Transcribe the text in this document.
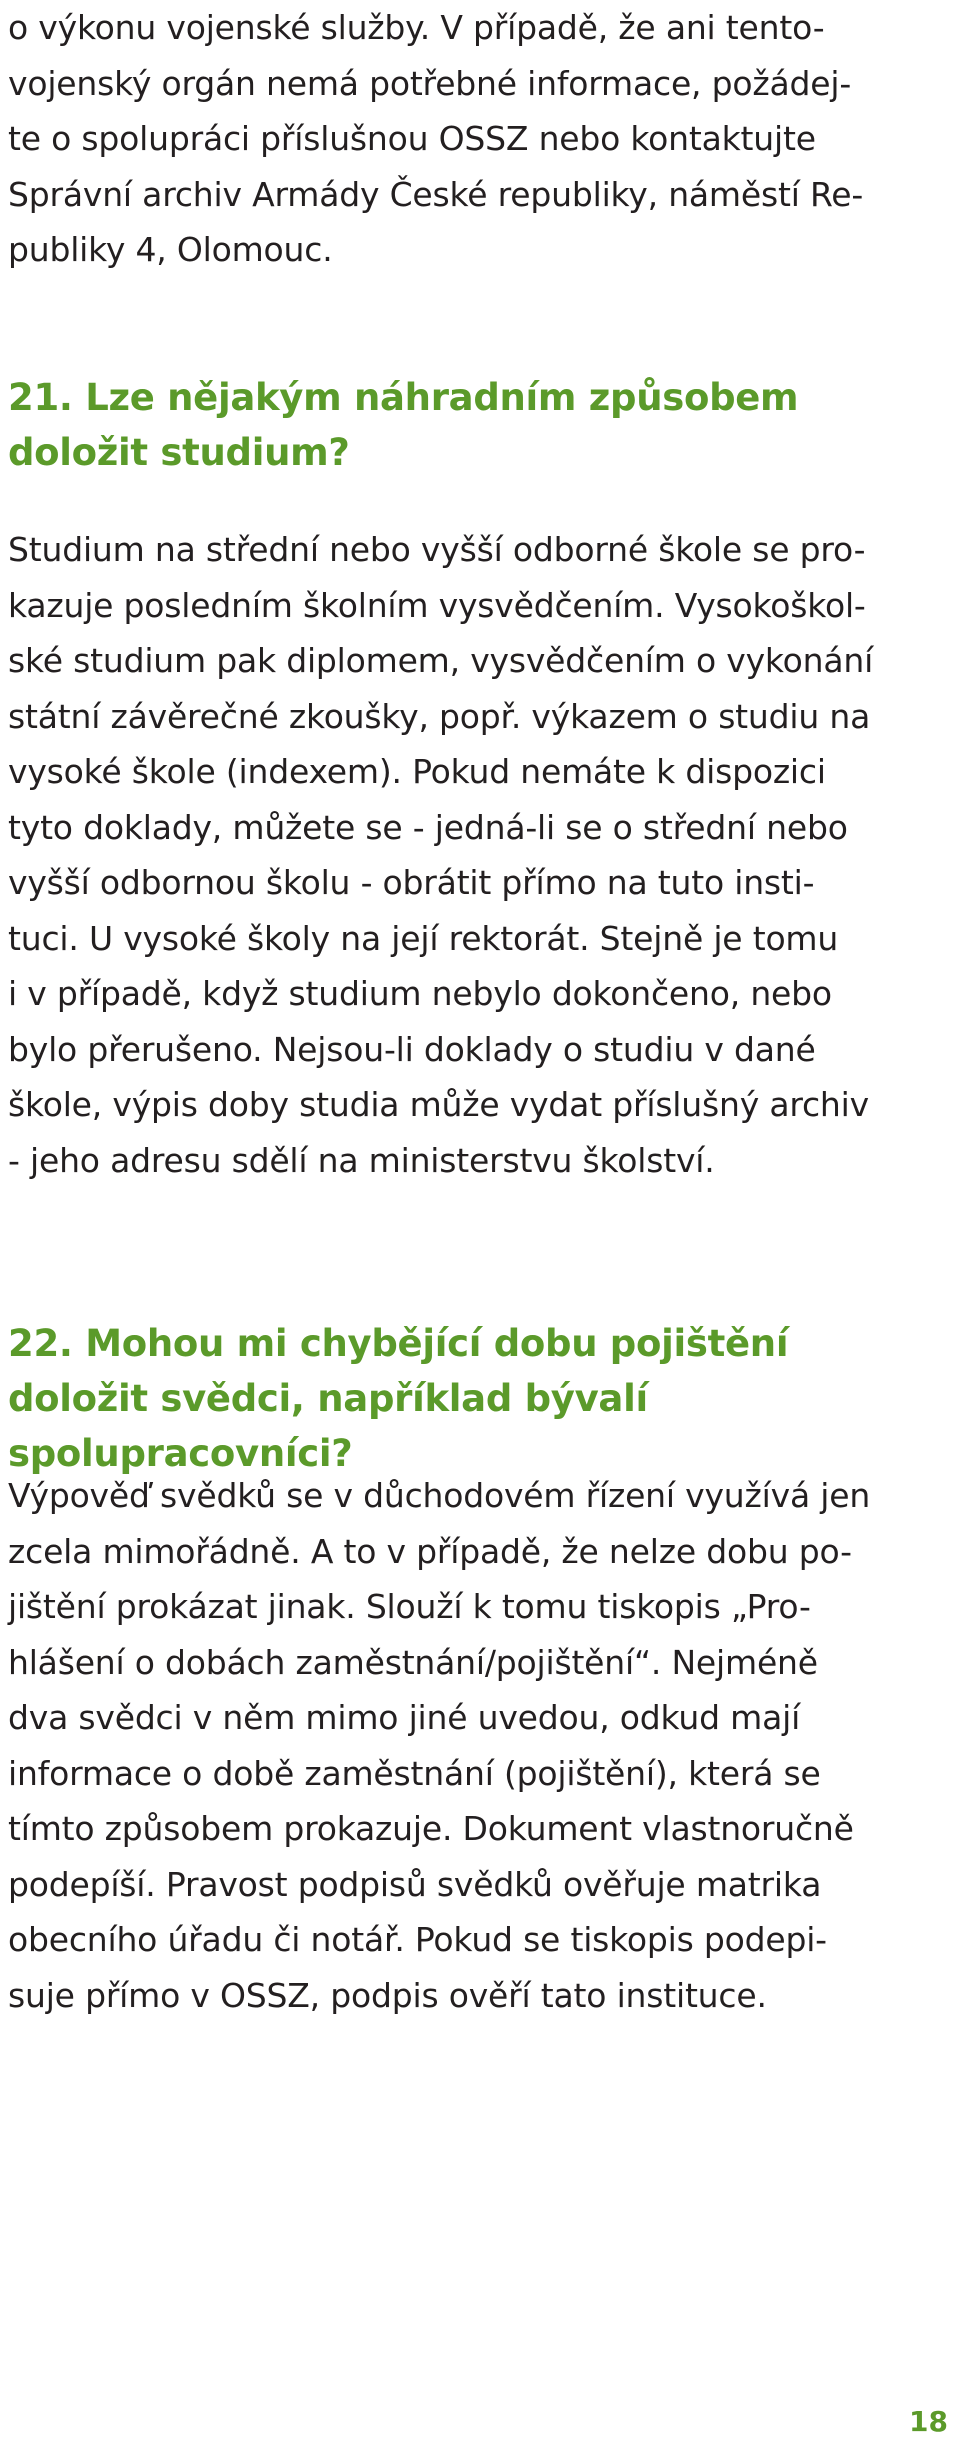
o výkonu vojenské služby. V případě, že ani tento-
vojenský orgán nemá potřebné informace, požádej-
te o spolupráci příslušnou OSSZ nebo kontaktujte
Správní archiv Armády České republiky, náměstí Re-
publiky 4, Olomouc.
21. Lze nějakým náhradním způsobem doložit studium?
Studium na střední nebo vyšší odborné škole se pro-
kazuje posledním školním vysvědčením. Vysokoškol-
ské studium pak diplomem, vysvědčením o vykonání
státní závěrečné zkoušky, popř. výkazem o studiu na
vysoké škole (indexem). Pokud nemáte k dispozici
tyto doklady, můžete se - jedná-li se o střední nebo
vyšší odbornou školu - obrátit přímo na tuto insti-
tuci. U vysoké školy na její rektorát. Stejně je tomu
i v případě, když studium nebylo dokončeno, nebo
bylo přerušeno. Nejsou-li doklady o studiu v dané
škole, výpis doby studia může vydat příslušný archiv
- jeho adresu sdělí na ministerstvu školství.
22. Mohou mi chybějící dobu pojištění doložit svědci, například bývalí spolupracovníci?
Výpověď svědků se v důchodovém řízení využívá jen
zcela mimořádně. A to v případě, že nelze dobu po-
jištění prokázat jinak. Slouží k tomu tiskopis „Pro-
hlášení o dobách zaměstnání/pojištění“. Nejméně
dva svědci v něm mimo jiné uvedou, odkud mají
informace o době zaměstnání (pojištění), která se
tímto způsobem prokazuje. Dokument vlastnoručně
podepíší. Pravost podpisů svědků ověřuje matrika
obecního úřadu či notář. Pokud se tiskopis podepi-
suje přímo v OSSZ, podpis ověří tato instituce.
18
